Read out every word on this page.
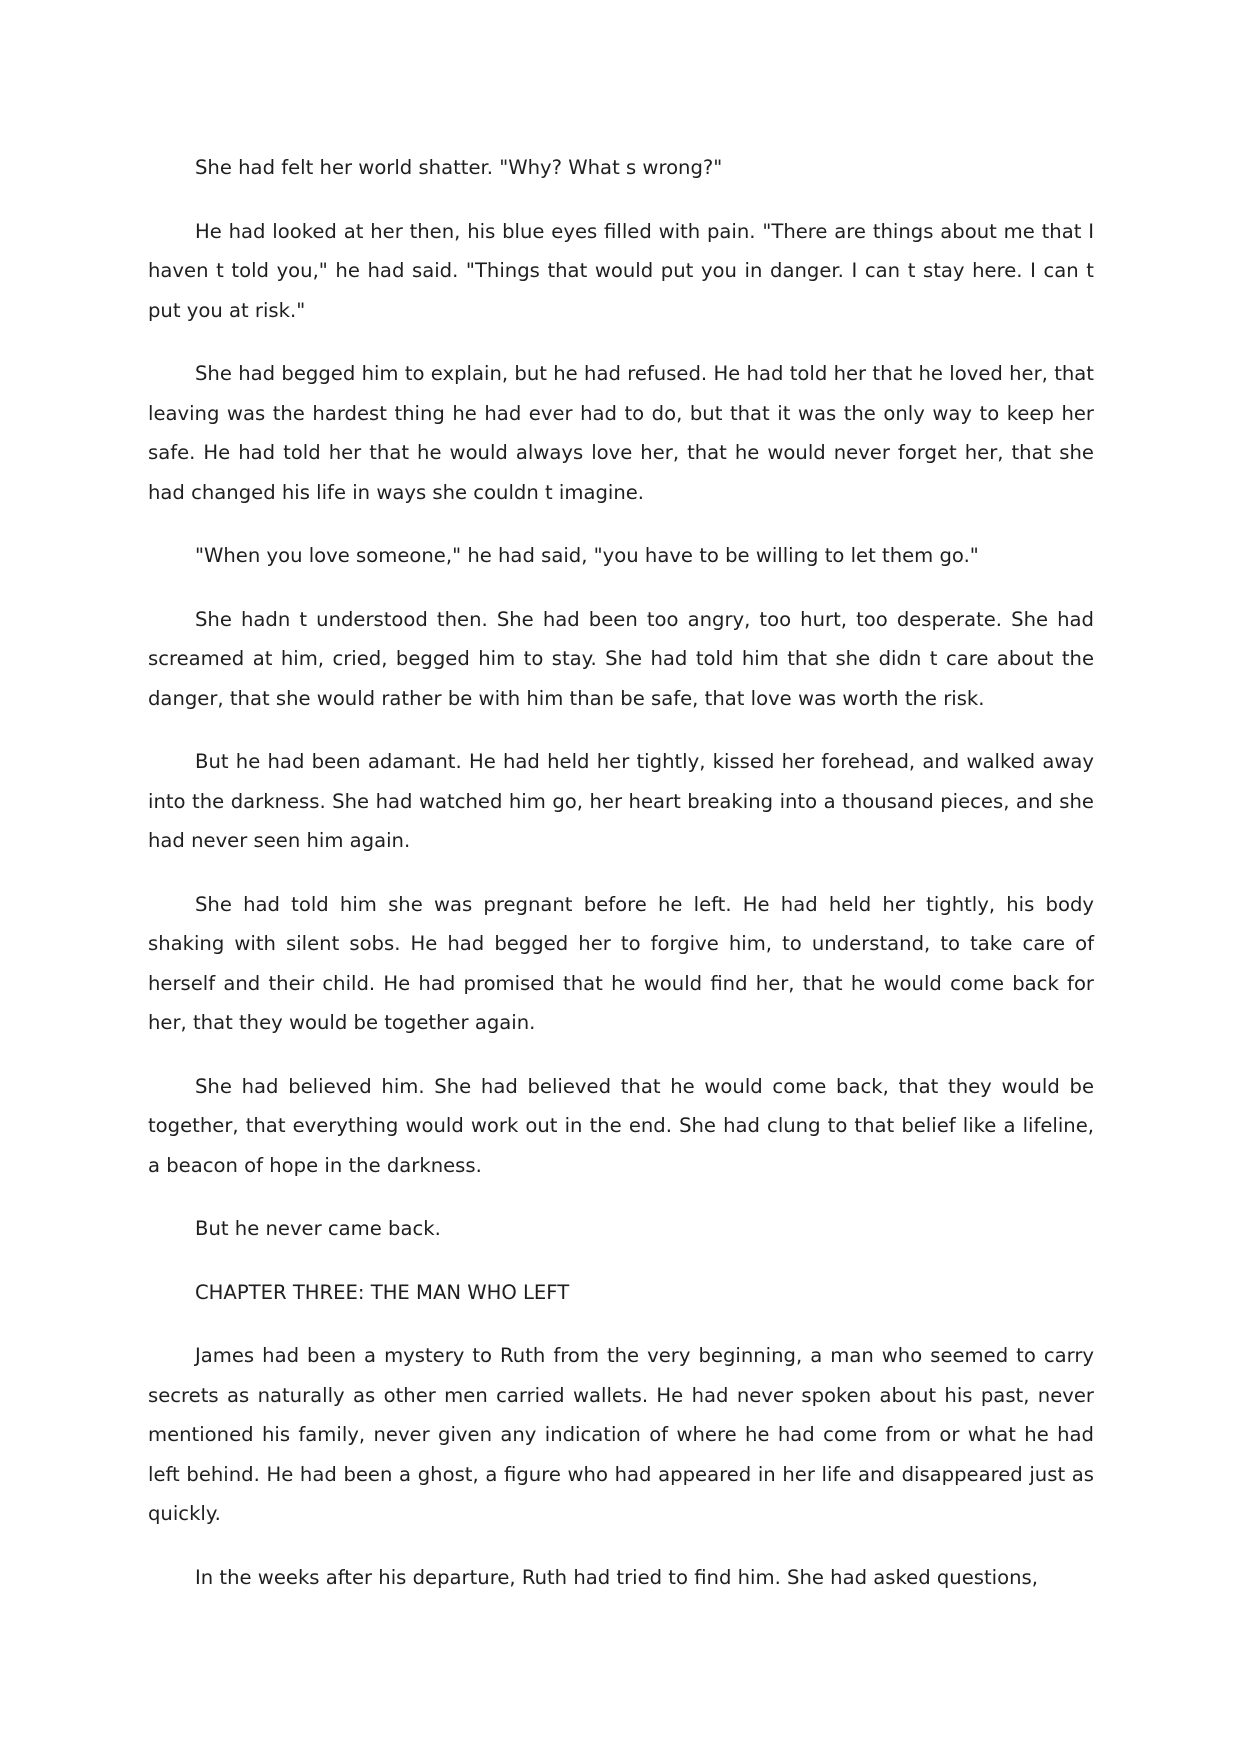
She had felt her world shatter. "Why? What s wrong?"

He had looked at her then, his blue eyes filled with pain. "There are things about me that I haven t told you," he had said. "Things that would put you in danger. I can t stay here. I can t put you at risk."

She had begged him to explain, but he had refused. He had told her that he loved her, that leaving was the hardest thing he had ever had to do, but that it was the only way to keep her safe. He had told her that he would always love her, that he would never forget her, that she had changed his life in ways she couldn t imagine.

"When you love someone," he had said, "you have to be willing to let them go."

She hadn t understood then. She had been too angry, too hurt, too desperate. She had screamed at him, cried, begged him to stay. She had told him that she didn t care about the danger, that she would rather be with him than be safe, that love was worth the risk.

But he had been adamant. He had held her tightly, kissed her forehead, and walked away into the darkness. She had watched him go, her heart breaking into a thousand pieces, and she had never seen him again.

She had told him she was pregnant before he left. He had held her tightly, his body shaking with silent sobs. He had begged her to forgive him, to understand, to take care of herself and their child. He had promised that he would find her, that he would come back for her, that they would be together again.

She had believed him. She had believed that he would come back, that they would be together, that everything would work out in the end. She had clung to that belief like a lifeline, a beacon of hope in the darkness.

But he never came back.

CHAPTER THREE: THE MAN WHO LEFT

James had been a mystery to Ruth from the very beginning, a man who seemed to carry secrets as naturally as other men carried wallets. He had never spoken about his past, never mentioned his family, never given any indication of where he had come from or what he had left behind. He had been a ghost, a figure who had appeared in her life and disappeared just as quickly.

In the weeks after his departure, Ruth had tried to find him. She had asked questions,
